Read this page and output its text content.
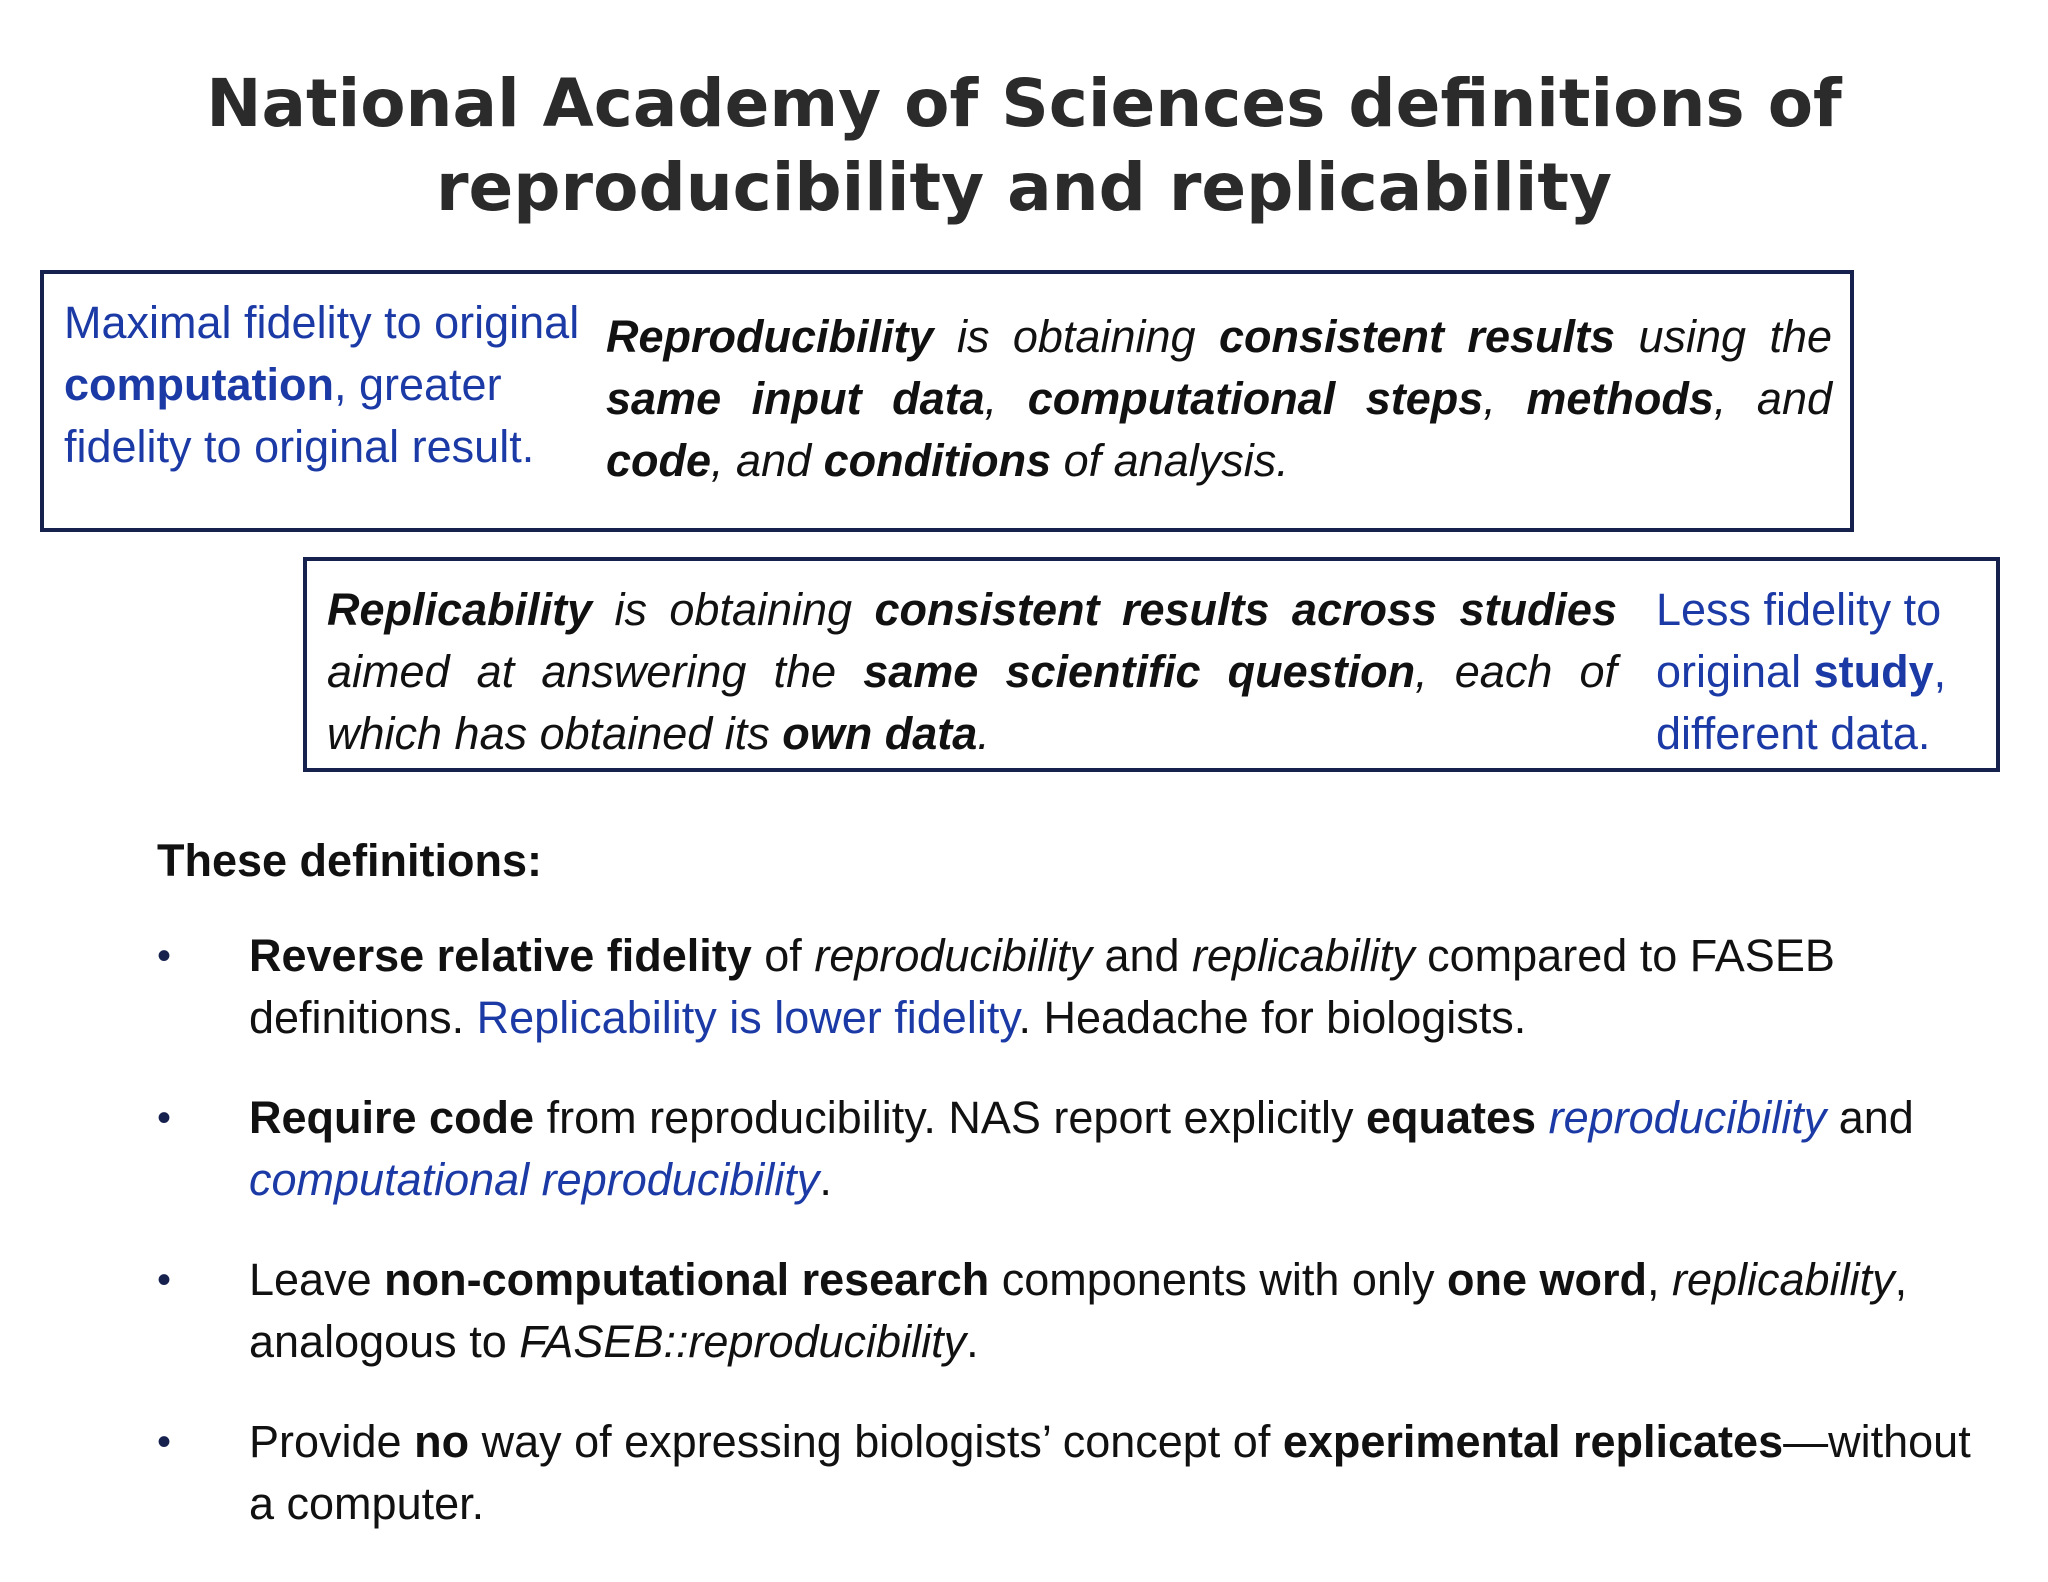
National Academy of Sciences definitions of
reproducibility and replicability
Maximal fidelity to original computation, greater fidelity to original result.
Reproducibility is obtaining consistent results using the same input data, computational steps, methods, and code, and conditions of analysis.
Replicability is obtaining consistent results across studies aimed at answering the same scientific question, each of which has obtained its own data.
Less fidelity to original study, different data.
These definitions:
• Reverse relative fidelity of reproducibility and replicability compared to FASEB definitions. Replicability is lower fidelity. Headache for biologists.
• Require code from reproducibility. NAS report explicitly equates reproducibility and computational reproducibility.
• Leave non-computational research components with only one word, replicability, analogous to FASEB::reproducibility.
• Provide no way of expressing biologists’ concept of experimental replicates—without a computer.
